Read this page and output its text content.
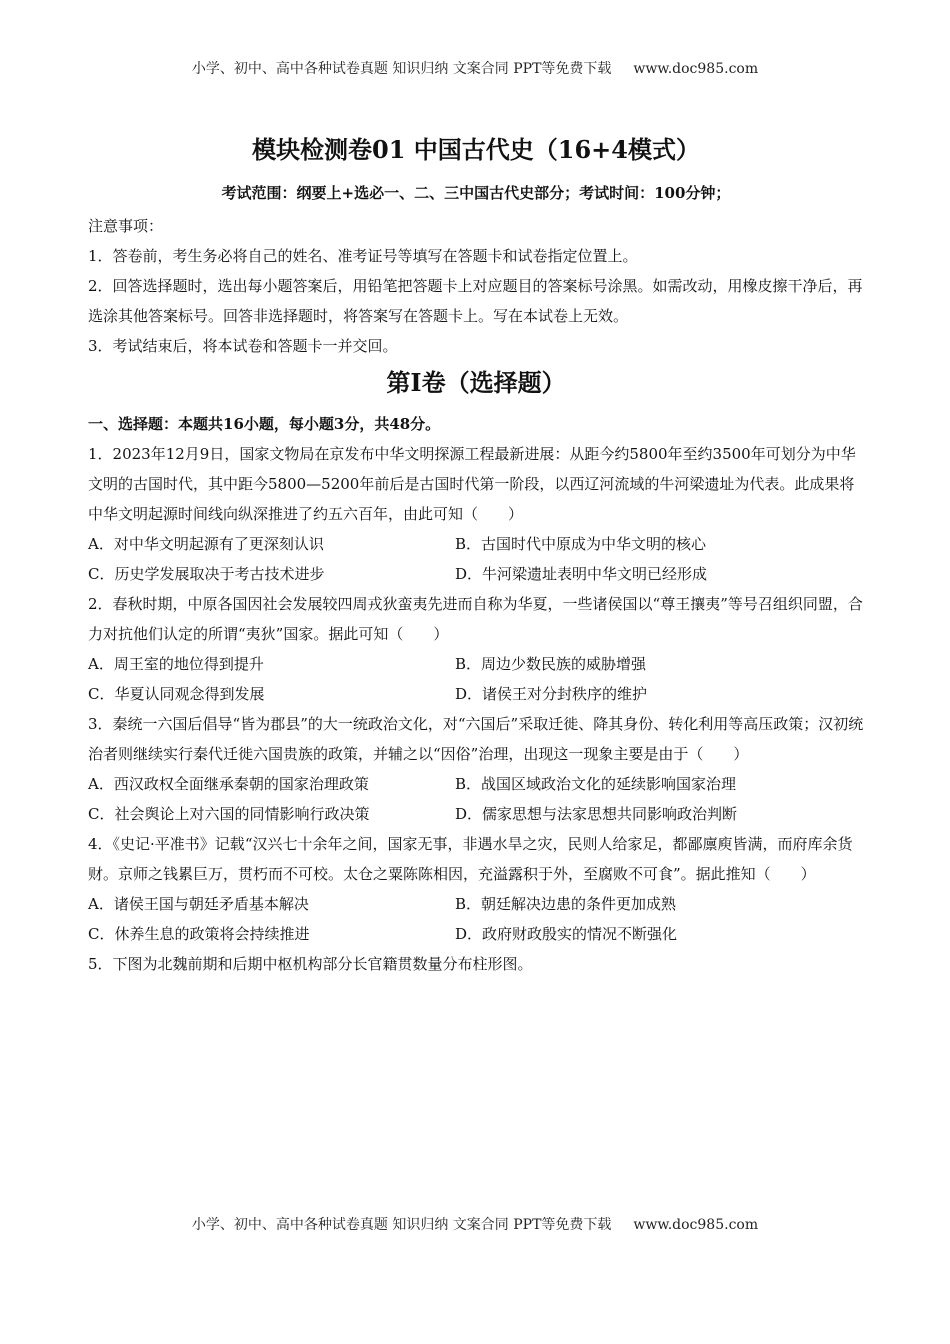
小学、初中、高中各种试卷真题 知识归纳 文案合同 PPT等免费下载 www.doc985.com
模块检测卷01 中国古代史（16+4模式）
考试范围：纲要上+选必一、二、三中国古代史部分；考试时间：100分钟；

注意事项：

1．答卷前，考生务必将自己的姓名、准考证号等填写在答题卡和试卷指定位置上。

2．回答选择题时，选出每小题答案后，用铅笔把答题卡上对应题目的答案标号涂黑。如需改动，用橡皮擦干净后，再选涂其他答案标号。回答非选择题时，将答案写在答题卡上。写在本试卷上无效。

3．考试结束后，将本试卷和答题卡一并交回。

第I卷（选择题）

一、选择题：本题共16小题，每小题3分，共48分。

1．2023年12月9日，国家文物局在京发布中华文明探源工程最新进展：从距今约5800年至约3500年可划分为中华文明的古国时代，其中距今5800—5200年前后是古国时代第一阶段，以西辽河流域的牛河梁遗址为代表。此成果将中华文明起源时间线向纵深推进了约五六百年，由此可知（　　）

A．对中华文明起源有了更深刻认识	B．古国时代中原成为中华文明的核心
C．历史学发展取决于考古技术进步	D．牛河梁遗址表明中华文明已经形成

2．春秋时期，中原各国因社会发展较四周戎狄蛮夷先进而自称为华夏，一些诸侯国以“尊王攘夷”等号召组织同盟，合力对抗他们认定的所谓“夷狄”国家。据此可知（　　）

A．周王室的地位得到提升	B．周边少数民族的威胁增强
C．华夏认同观念得到发展	D．诸侯王对分封秩序的维护

3．秦统一六国后倡导“皆为郡县”的大一统政治文化，对“六国后”采取迁徙、降其身份、转化利用等高压政策；汉初统治者则继续实行秦代迁徙六国贵族的政策，并辅之以“因俗”治理，出现这一现象主要是由于（　　）

A．西汉政权全面继承秦朝的国家治理政策	B．战国区域政治文化的延续影响国家治理
C．社会舆论上对六国的同情影响行政决策	D．儒家思想与法家思想共同影响政治判断

4．《史记·平准书》记载“汉兴七十余年之间，国家无事，非遇水旱之灾，民则人给家足，都鄙廪庾皆满，而府库余货财。京师之钱累巨万，贯朽而不可校。太仓之粟陈陈相因，充溢露积于外，至腐败不可食”。据此推知（　　）

A．诸侯王国与朝廷矛盾基本解决	B．朝廷解决边患的条件更加成熟
C．休养生息的政策将会持续推进	D．政府财政殷实的情况不断强化

5．下图为北魏前期和后期中枢机构部分长官籍贯数量分布柱形图。

小学、初中、高中各种试卷真题 知识归纳 文案合同 PPT等免费下载 www.doc985.com
